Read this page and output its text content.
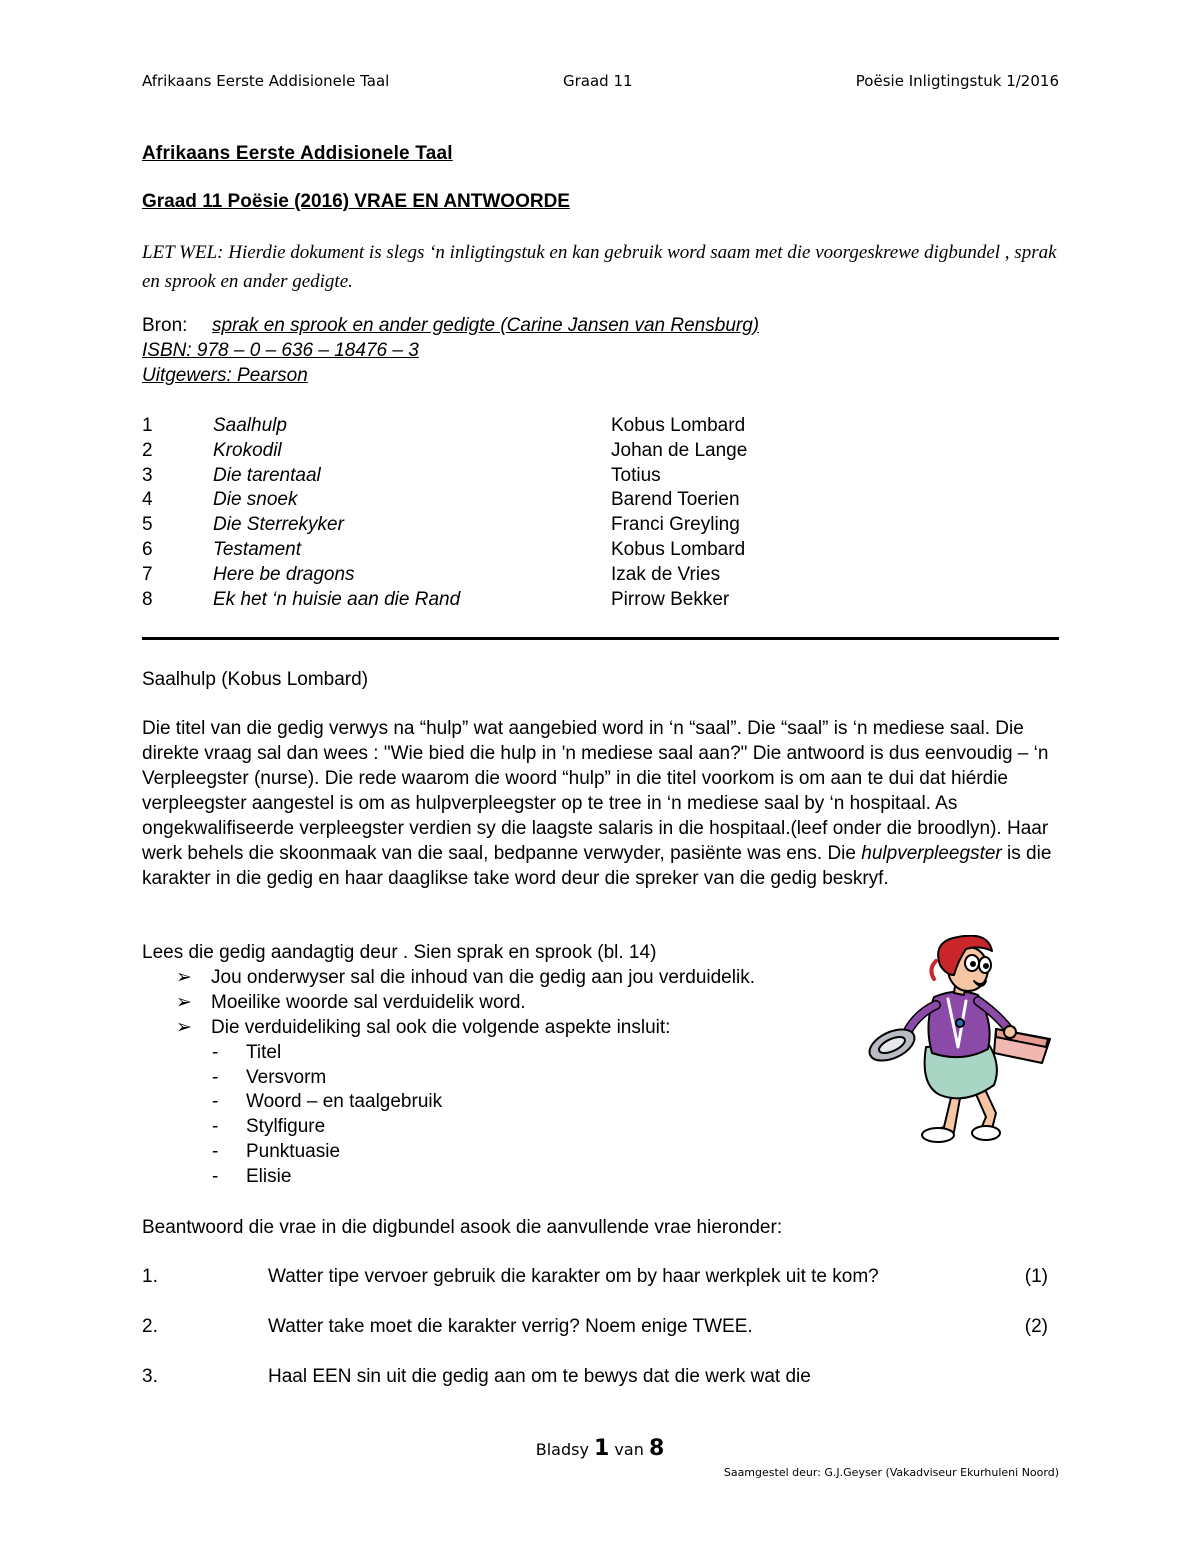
Afrikaans Eerste Addisionele Taal	Graad 11	Poësie Inligtingstuk 1/2016
Afrikaans Eerste Addisionele Taal
Graad 11 Poësie (2016) VRAE EN ANTWOORDE
LET WEL: Hierdie dokument is slegs ‘n inligtingstuk en kan gebruik word saam met die voorgeskrewe digbundel , sprak en sprook en ander gedigte.
Bron: sprak en sprook en ander gedigte (Carine Jansen van Rensburg)
ISBN: 978 – 0 – 636 – 18476 – 3
Uitgewers: Pearson
1	Saalhulp	Kobus Lombard
2	Krokodil	Johan de Lange
3	Die tarentaal	Totius
4	Die snoek	Barend Toerien
5	Die Sterrekyker	Franci Greyling
6	Testament	Kobus Lombard
7	Here be dragons	Izak de Vries
8	Ek het ‘n huisie aan die Rand	Pirrow Bekker
Saalhulp (Kobus Lombard)
Die titel van die gedig verwys na “hulp” wat aangebied word in ‘n “saal”. Die “saal” is ‘n mediese saal. Die direkte vraag sal dan wees : "Wie bied die hulp in 'n mediese saal aan?" Die antwoord is dus eenvoudig – ‘n Verpleegster (nurse). Die rede waarom die woord “hulp” in die titel voorkom is om aan te dui dat hiérdie verpleegster aangestel is om as hulpverpleegster op te tree in ‘n mediese saal by ‘n hospitaal. As ongekwalifiseerde verpleegster verdien sy die laagste salaris in die hospitaal.(leef onder die broodlyn). Haar werk behels die skoonmaak van die saal, bedpanne verwyder, pasiënte was ens. Die hulpverpleegster is die karakter in die gedig en haar daaglikse take word deur die spreker van die gedig beskryf.
Lees die gedig aandagtig deur . Sien sprak en sprook (bl. 14)
➢ Jou onderwyser sal die inhoud van die gedig aan jou verduidelik.
➢ Moeilike woorde sal verduidelik word.
➢ Die verduideliking sal ook die volgende aspekte insluit:
- Titel
- Versvorm
- Woord – en taalgebruik
- Stylfigure
- Punktuasie
- Elisie
Beantwoord die vrae in die digbundel asook die aanvullende vrae hieronder:
1.	Watter tipe vervoer gebruik die karakter om by haar werkplek uit te kom?	(1)
2.	Watter take moet die karakter verrig? Noem enige TWEE.	(2)
3.	Haal EEN sin uit die gedig aan om te bewys dat die werk wat die
Bladsy 1 van 8
Saamgestel deur: G.J.Geyser (Vakadviseur Ekurhuleni Noord)
